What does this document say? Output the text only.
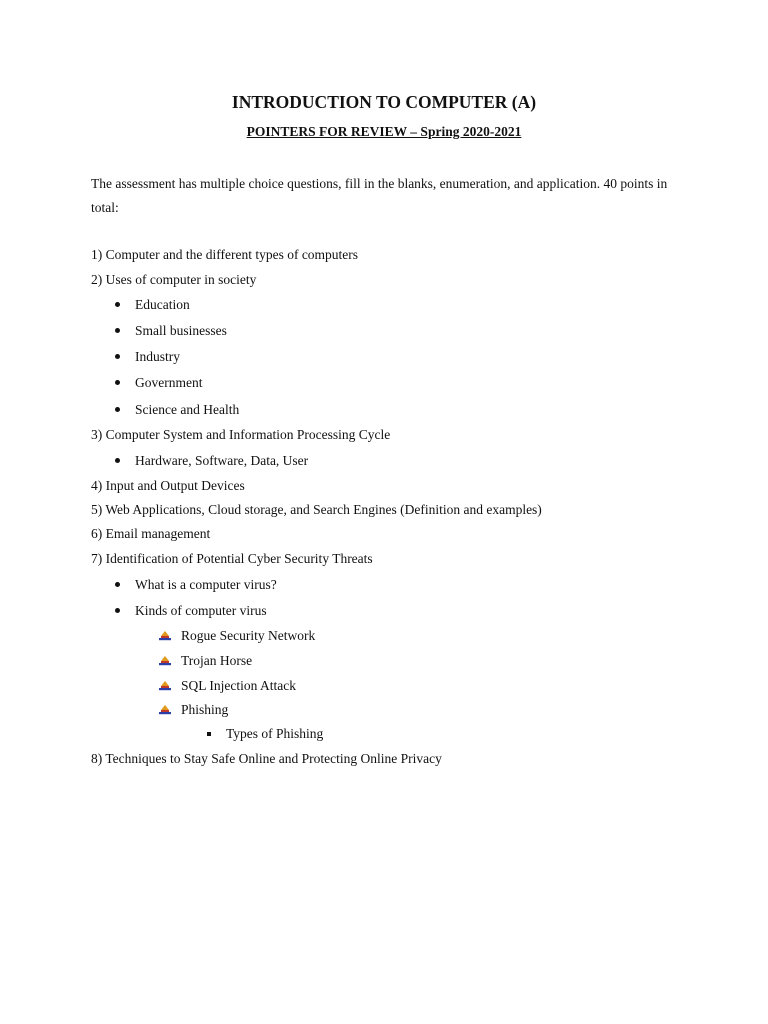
INTRODUCTION TO COMPUTER (A)
POINTERS FOR REVIEW – Spring 2020-2021
The assessment has multiple choice questions, fill in the blanks, enumeration, and application. 40 points in total:
1) Computer and the different types of computers
2) Uses of computer in society
Education
Small businesses
Industry
Government
Science and Health
3) Computer System and Information Processing Cycle
Hardware, Software, Data, User
4) Input and Output Devices
5) Web Applications, Cloud storage, and Search Engines (Definition and examples)
6) Email management
7) Identification of Potential Cyber Security Threats
What is a computer virus?
Kinds of computer virus
Rogue Security Network
Trojan Horse
SQL Injection Attack
Phishing
Types of Phishing
8) Techniques to Stay Safe Online and Protecting Online Privacy
